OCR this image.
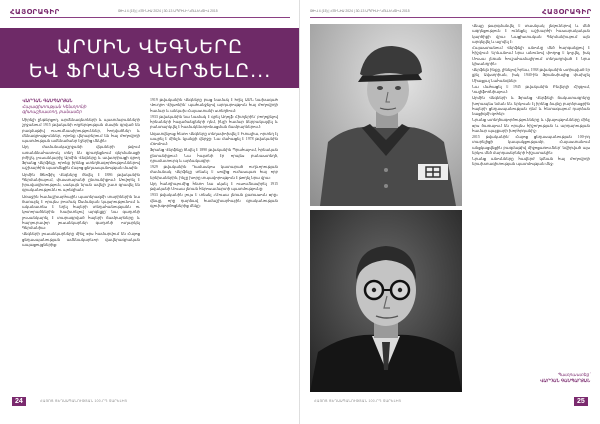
ՀԱՅՕՐԱԳԻՐ	ԹԻՎ 4 (15) | ՀՈՒՆԻՍ 2024 | 30-13 ԱՊՐԻԼԻ ԿՈԼԼԵԿՏԻՎ 2015
ԱՐՄԻՆ ՎԵԳՆԵՐԸ
ԵՎ ՖՐԱՆՑ ՎԵՐՖԵԼԸ...
ՎԱՐԴԱՆ ԳԱՍՊԱՐՅԱՆ
Հայագիտության Կենտրոնի
գիտաշխատող, բանասեր

Սիրելի ընթերցող, արմենագետների և պատմաբանների շրջանում 1915 թվականի ողբերգության մասին գրված են բազմաթիվ ուսումնասիրություններ, հոդվածներ և մենագրություններ, որոնք վերաբերում են հայ ժողովրդի պատմության ամենածանր էջերից մեկին:

Այդ ժամանակաշրջանի վկաների թվում առանձնահատուկ տեղ են զբաղեցնում գերմանացի բժիշկ, լուսանկարիչ Արմին Վեգները և ավստրիացի գրող Ֆրանց Վերֆելը, որոնք իրենց ստեղծագործություններով աշխարհին պատմեցին Հայոց ցեղասպանության մասին:

Արմին Թեոֆիլ Վեգները ծնվել է 1886 թվականին Գերմանիայում, փաստաբանի ընտանիքում: Սովորել է իրավագիտություն, սակայն նրան ավելի շատ գրավել են գրականությունն ու պոեզիան:

Առաջին համաշխարհային պատերազմի տարիներին նա ծառայել է որպես բուժակ Օսմանյան կայսրությունում և ականատես է եղել հայերի տեղահանությանն ու կոտորածներին: Խախտելով արգելքը՝ նա գաղտնի լուսանկարել է տարագրված հայերի ճամբարները և հարյուրավոր լուսանկարներ գաղտնի ուղարկել Գերմանիա:

Վեգների լուսանկարները մինչ օրս համարվում են Հայոց ցեղասպանության ամենակարևոր վավերագրական ապացույցներից:

1919 թվականին Վեգները բաց նամակ է հղել ԱՄՆ նախագահ Վուդրո Վիլսոնին՝ պահանջելով արդարություն հայ ժողովրդի համար և անկախ Հայաստանի ստեղծում:

1933 թվականին նա նամակ է գրել Ադոլֆ Հիտլերին՝ բողոքելով հրեաների հալածանքների դեմ, ինչի համար ձերբակալվել և բանտարկվել է համակենտրոնացման ճամբարներում:

Ազատվելուց հետո Վեգները տեղափոխվել է Իտալիա, որտեղ էլ ապրել է մինչև կյանքի վերջը: Նա մահացել է 1978 թվականին Հռոմում:

Ֆրանց Վերֆելը ծնվել է 1890 թվականին Պրահայում, հրեական ընտանիքում: Նա հայտնի էր որպես բանաստեղծ, դրամատուրգ և արձակագիր:

1929 թվականին Դամասկոս կատարած ուղևորության ժամանակ Վերֆելը տեսել է սովից ուժասպառ հայ որբ երեխաներին, ինչը խորը տպավորություն է թողել նրա վրա:

Այդ հանդիպումից հետո նա սկսել է ուսումնասիրել 1915 թվականի Մուսա լեռան հերոսամարտի պատմությունը:

1933 թվականին լույս է տեսել «Մուսա լեռան քառասուն օրը» վեպը, որը դարձավ համաշխարհային գրականության գլուխգործոցներից մեկը:

24	ՀԱՅՈՑ ՑԵՂԱՍՊԱՆՈՒԹՅԱՆ 100-ՐԴ ՏԱՐԵԼԻՑ
ԹԻՎ 4 (15) | ՀՈՒՆԻՍ 2024 | 30-13 ԱՊՐԻԼԻ ԿՈԼԼԵԿՏԻՎ 2015	ՀԱՅՕՐԱԳԻՐ

Վեպը թարգմանվել է տասնյակ լեզուներով և մեծ ազդեցություն է ունեցել աշխարհի հասարակական կարծիքի վրա: Նացիստական Գերմանիայում այն արգելվել և այրվել է:

Հայաստանում Վերֆելի անունը մեծ հարգանքով է հիշվում: Երևանում նրա անունով փողոց է կոչվել, իսկ Մուսա լեռան հուշահամալիրում տեղադրված է նրա կիսանդրին:

Վերֆելն ինքը, լինելով հրեա, 1938 թվականին ստիպված էր լքել Ավստրիան, իսկ 1940-ին Ֆրանսիայից փախչել Միացյալ Նահանգներ:

Նա մահացել է 1945 թվականին Բեվերլի Հիլզում, Կալիֆոռնիայում:

Արմին Վեգների և Ֆրանց Վերֆելի ճակատագրերը խորապես նման են. երկուսն էլ իրենց ձայնը բարձրացրին հայերի ցեղասպանության դեմ և հետագայում դարձան նացիզմի զոհեր:

Նրանց ստեղծագործությունները և վկայությունները մինչ օրս ծառայում են որպես հիշողության և արդարության համար պայքարի խորհրդանիշ:

2015 թվականին՝ Հայոց ցեղասպանության 100-րդ տարելիցի կապակցությամբ, Հայաստանում անցկացվեցին բազմաթիվ միջոցառումներ՝ նվիրված այս երկու մեծ մարդասերների հիշատակին:

Նրանց անունները հավերժ կմնան հայ ժողովրդի երախտագիտության պատմության մեջ:

Պատրաստեց՝
ՎԱՐԴԱՆ ԳԱՍՊԱՐՅԱՆ
ՀԱՅՈՑ ՑԵՂԱՍՊԱՆՈՒԹՅԱՆ 100-ՐԴ ՏԱՐԵԼԻՑ	25
